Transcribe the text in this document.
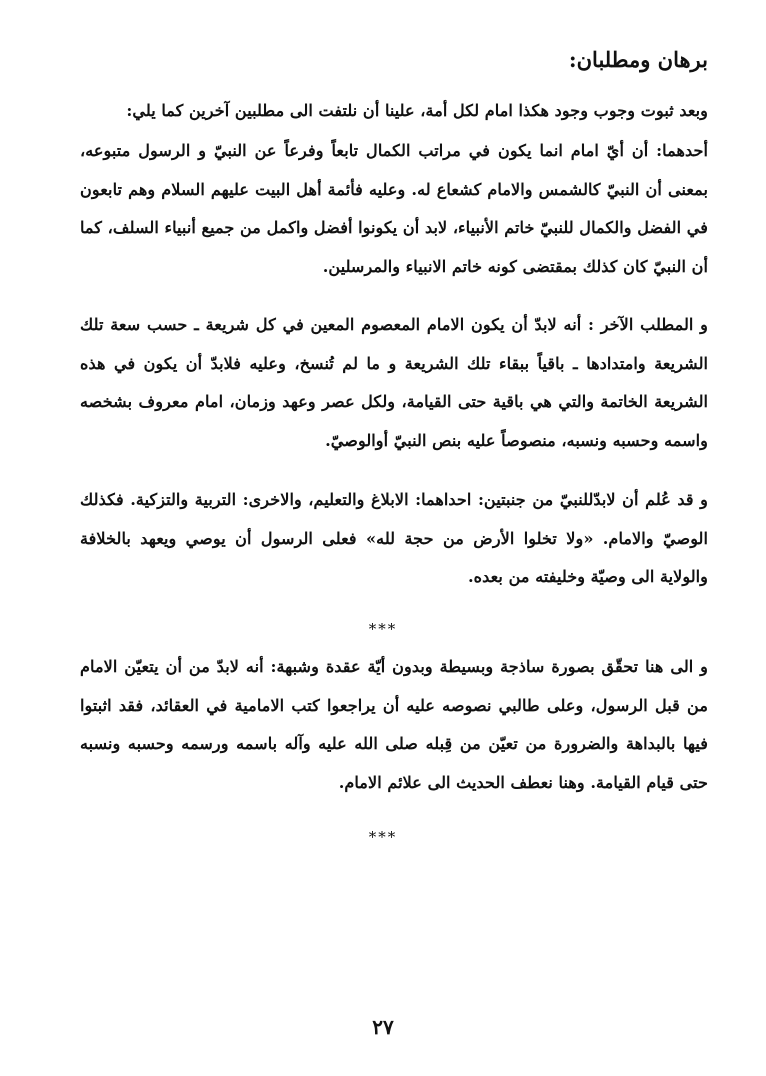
برهان ومطلبان:
وبعد ثبوت وجوب وجود هكذا امام لكل أمة، علينا أن نلتفت الى مطلبين آخرين كما يلي:
أحدهما: أن أيّ امام انما يكون في مراتب الكمال تابعاً وفرعاً عن النبيّ و الرسول متبوعه، بمعنى أن النبيّ كالشمس والامام كشعاع له. وعليه فأئمة أهل البيت عليهم السلام وهم تابعون في الفضل والكمال للنبيّ خاتم الأنبياء، لابد أن يكونوا أفضل واكمل من جميع أنبياء السلف، كما أن النبيّ كان كذلك بمقتضى كونه خاتم الانبياء والمرسلين.
و المطلب الآخر : أنه لابدّ أن يكون الامام المعصوم المعين في كل شريعة ـ حسب سعة تلك الشريعة وامتدادها ـ باقياً ببقاء تلك الشريعة و ما لم تُنسخ، وعليه فلابدّ أن يكون في هذه الشريعة الخاتمة والتي هي باقية حتى القيامة، ولكل عصر وعهد وزمان، امام معروف بشخصه واسمه وحسبه ونسبه، منصوصاً عليه بنص النبيّ أوالوصيّ.
و قد عُلم أن لابدّللنبيّ من جنبتين: احداهما: الابلاغ والتعليم، والاخرى: التربية والتزكية. فكذلك الوصيّ والامام. «ولا تخلوا الأرض من حجة لله» فعلى الرسول أن يوصي ويعهد بالخلافة والولاية الى وصيّة وخليفته من بعده.
***
و الى هنا تحقّق بصورة ساذجة وبسيطة وبدون أيّة عقدة وشبهة: أنه لابدّ من أن يتعيّن الامام من قبل الرسول، وعلى طالبي نصوصه عليه أن يراجعوا كتب الامامية في العقائد، فقد اثبتوا فيها بالبداهة والضرورة من تعيّن من قِبله صلى الله عليه وآله باسمه ورسمه وحسبه ونسبه حتى قيام القيامة. وهنا نعطف الحديث الى علائم الامام.
***
٢٧
